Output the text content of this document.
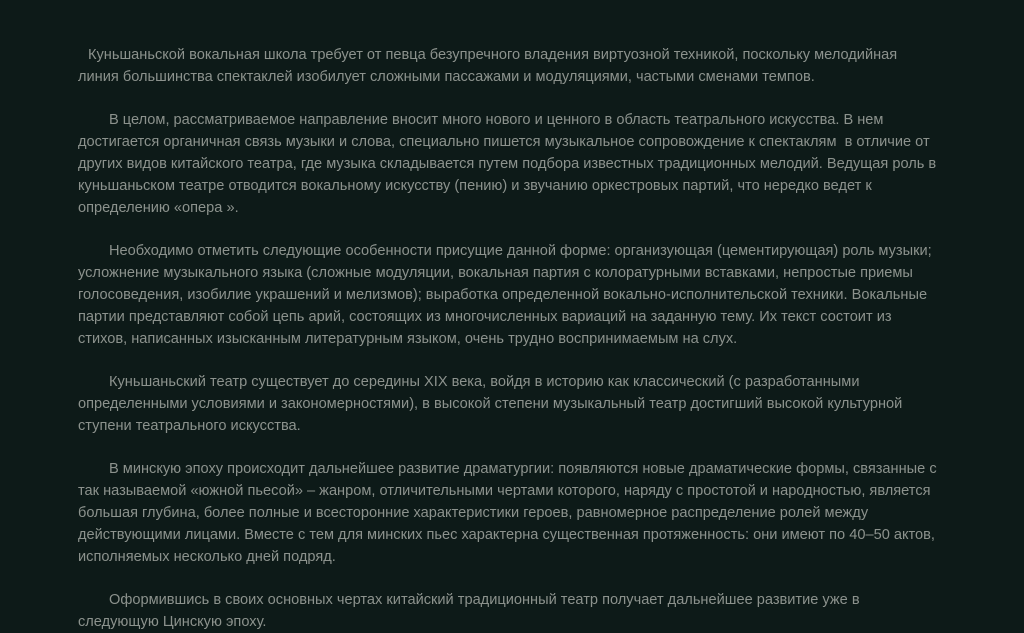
Куньшаньской вокальная школа требует от певца безупречного владения виртуозной техникой, поскольку мелодийная линия большинства спектаклей изобилует сложными пассажами и модуляциями, частыми сменами темпов.

В целом, рассматриваемое направление вносит много нового и ценного в область театрального искусства. В нем достигается органичная связь музыки и слова, специально пишется музыкальное сопровождение к спектаклям  в отличие от других видов китайского театра, где музыка складывается путем подбора известных традиционных мелодий. Ведущая роль в куньшаньском театре отводится вокальному искусству (пению) и звучанию оркестровых партий, что нередко ведет к определению «опера ».

Необходимо отметить следующие особенности присущие данной форме: организующая (цементирующая) роль музыки; усложнение музыкального языка (сложные модуляции, вокальная партия с колоратурными вставками, непростые приемы голосоведения, изобилие украшений и мелизмов); выработка определенной вокально-исполнительской техники. Вокальные партии представляют собой цепь арий, состоящих из многочисленных вариаций на заданную тему. Их текст состоит из стихов, написанных изысканным литературным языком, очень трудно воспринимаемым на слух.

Куньшаньский театр существует до середины XIX века, войдя в историю как классический (с разработанными определенными условиями и закономерностями), в высокой степени музыкальный театр достигший высокой культурной ступени театрального искусства.

В минскую эпоху происходит дальнейшее развитие драматургии: появляются новые драматические формы, связанные с так называемой «южной пьесой» – жанром, отличительными чертами которого, наряду с простотой и народностью, является большая глубина, более полные и всесторонние характеристики героев, равномерное распределение ролей между действующими лицами. Вместе с тем для минских пьес характерна существенная протяженность: они имеют по 40–50 актов, исполняемых несколько дней подряд.

Оформившись в своих основных чертах китайский традиционный театр получает дальнейшее развитие уже в следующую Цинскую эпоху.
